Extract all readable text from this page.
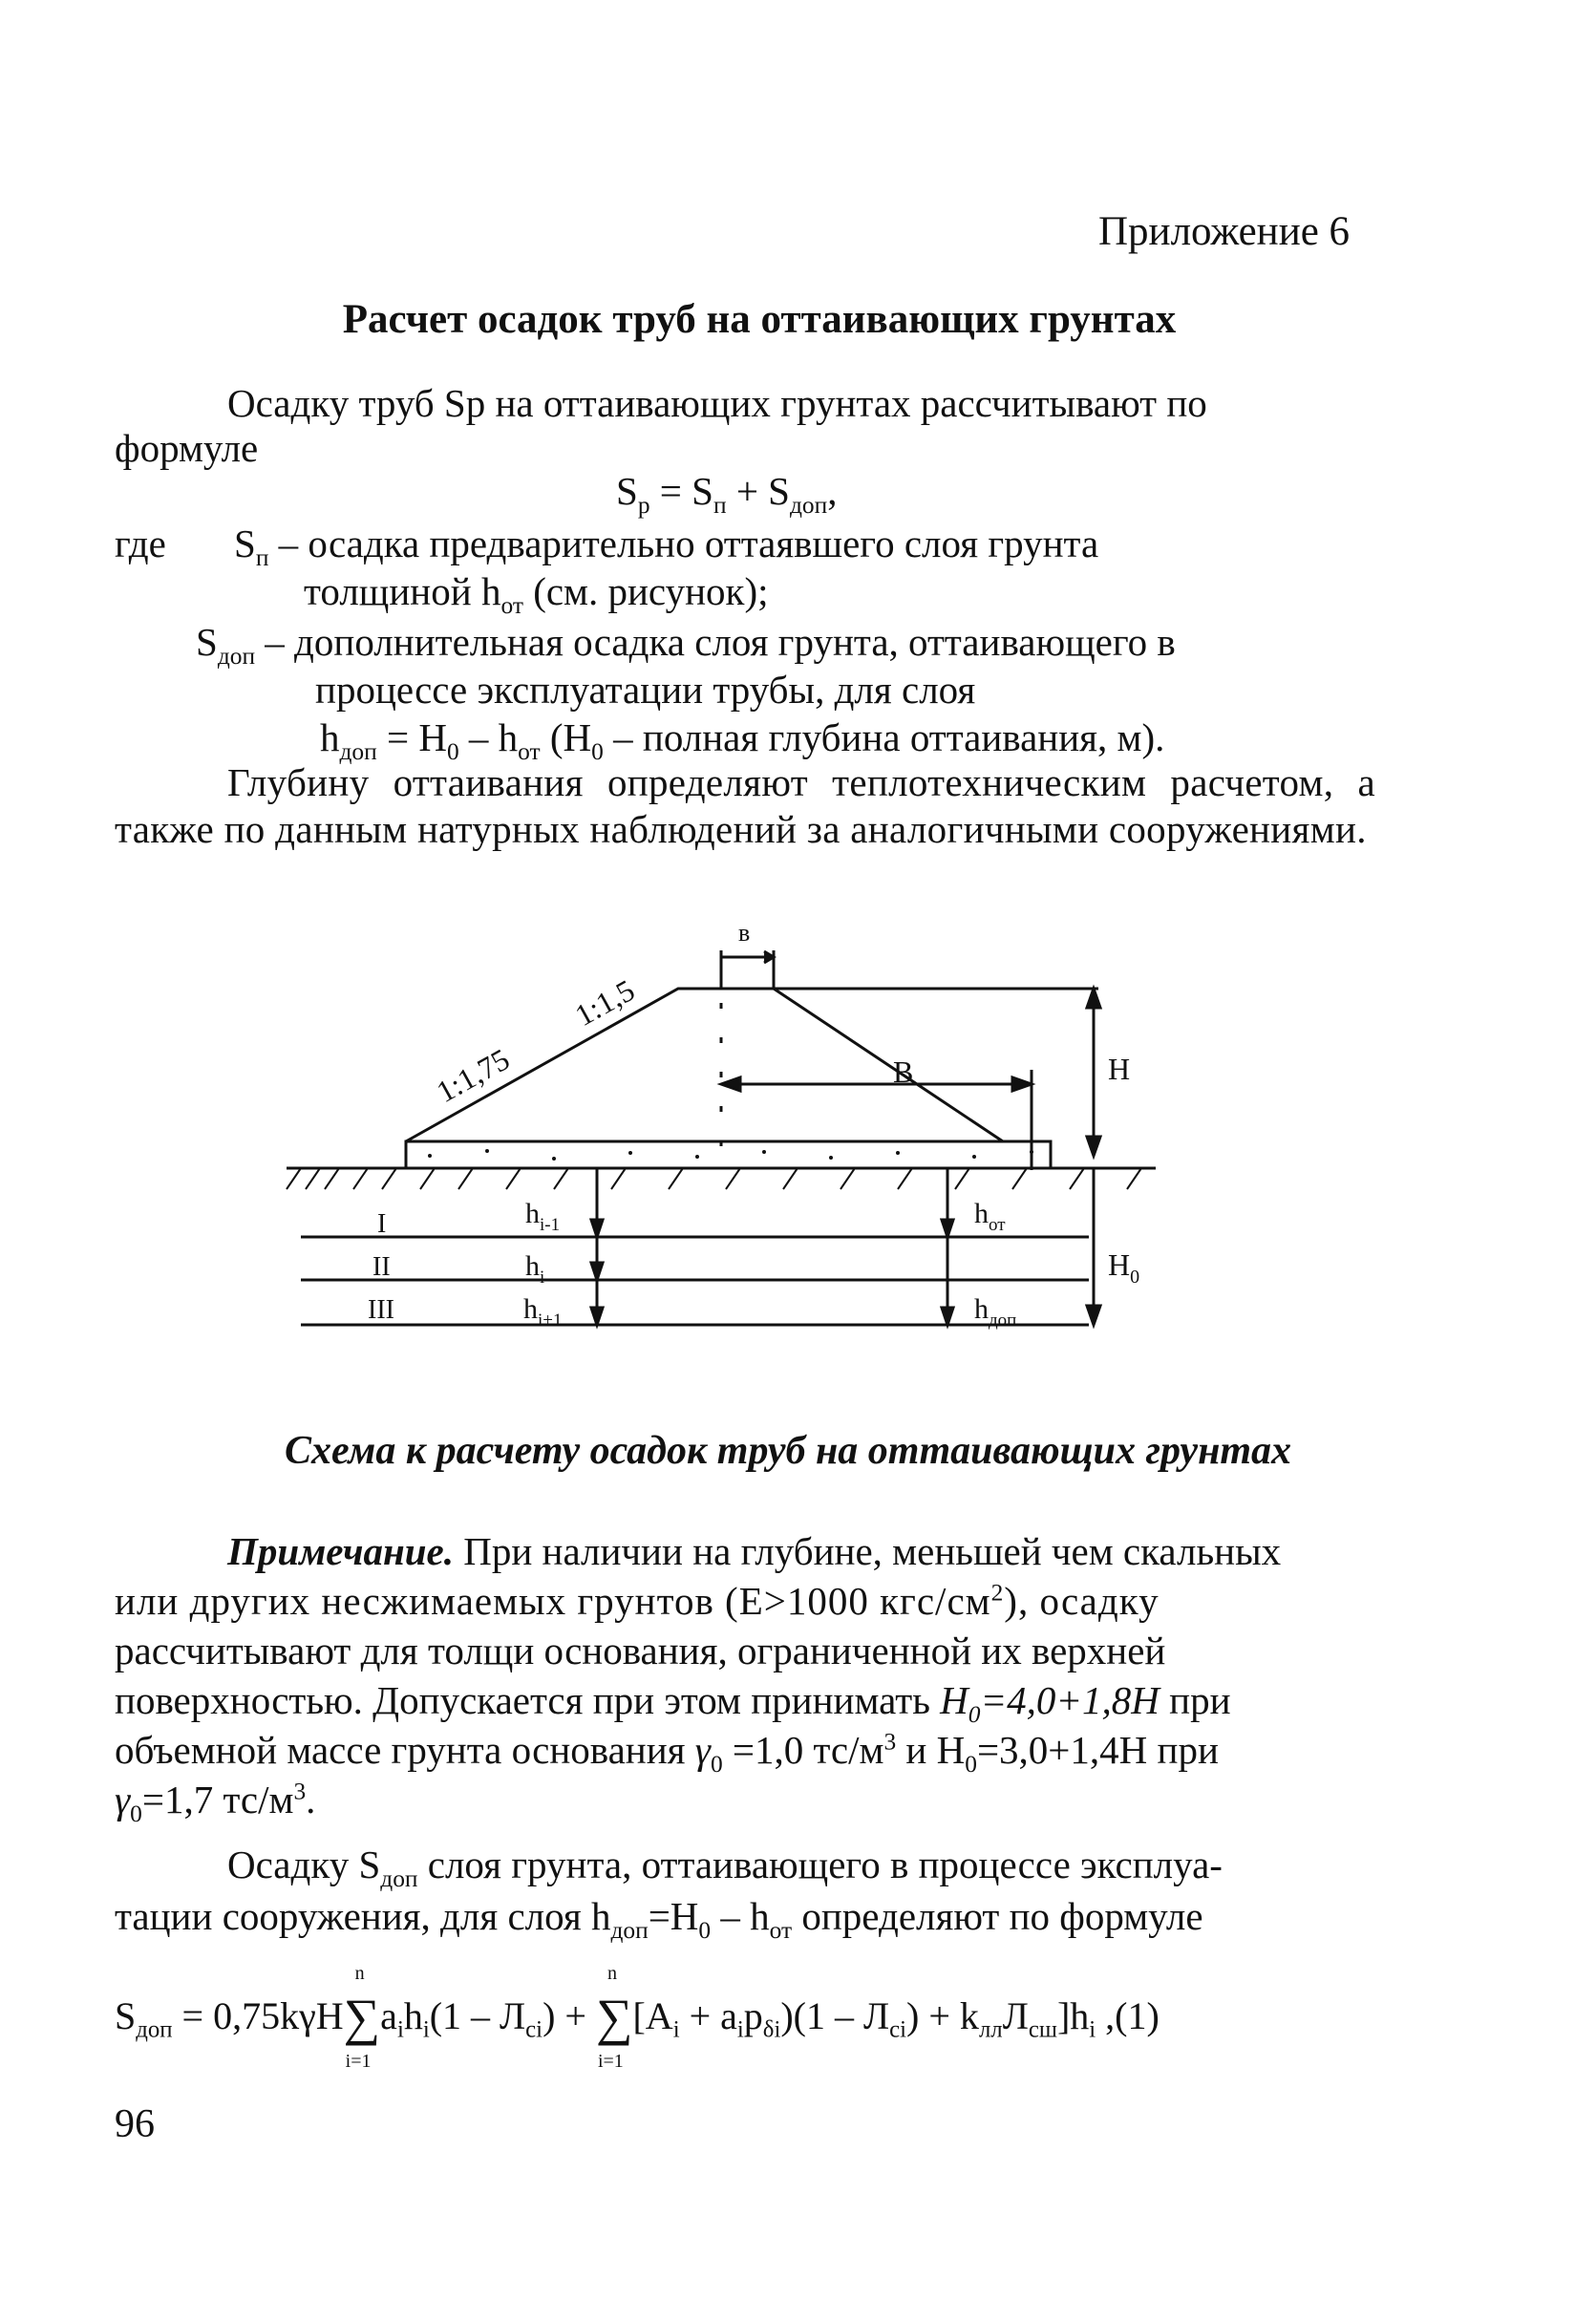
Приложение 6
Расчет осадок труб на оттаивающих грунтах
Осадку труб Sp на оттаивающих грунтах рассчитывают по
формуле
$S_р = S_п + S_{доп}$,
где $S_п$ – осадка предварительно оттаявшего слоя грунта
толщиной $h_{от}$ (см. рисунок);
$S_{доп}$ – дополнительная осадка слоя грунта, оттаивающего в
процессе эксплуатации трубы, для слоя
$h_{доп} = H_0 - h_{от}$ ($H_0$ – полная глубина оттаивания, м).
Глубину оттаивания определяют теплотехническим расчетом, а также по данным натурных наблюдений за аналогичными сооружениями.
в
1:1,5
1:1,75	B	H
$H_0$
I
II
III
$h_{i-1}$
$h_i$
$h_{i+1}$
$h_{от}$
$h_{доп}$
Схема к расчету осадок труб на оттаивающих грунтах
Примечание. При наличии на глубине, меньшей чем скальных
или других несжимаемых грунтов (E>1000 кгс/$см^2$), осадку
рассчитывают для толщи основания, ограниченной их верхней
поверхностью. Допускается при этом принимать $H_0=4,0+1,8H$ при
объемной массе грунта основания $\gamma_0 =1,0$ $тс/м^3$ и $H_0=3,0+1,4H$ при
$\gamma_0=1,7$ $тс/м^3$.
Осадку $S_{доп}$ слоя грунта, оттаивающего в процессе эксплуа-
тации сооружения, для слоя $h_{доп}=H_0 - h_{от}$ определяют по формуле
$S_{доп} = 0,75k\gamma H\sum$
n
i=1
$a_ih_i(1 - Л_{ci})$ + ∑
n
i=1
$[A_i + a_ip_{\delta i})(1 - Л_{ci}) + k_{лл}Л_{сш}]h_i$ ,(1)
96
